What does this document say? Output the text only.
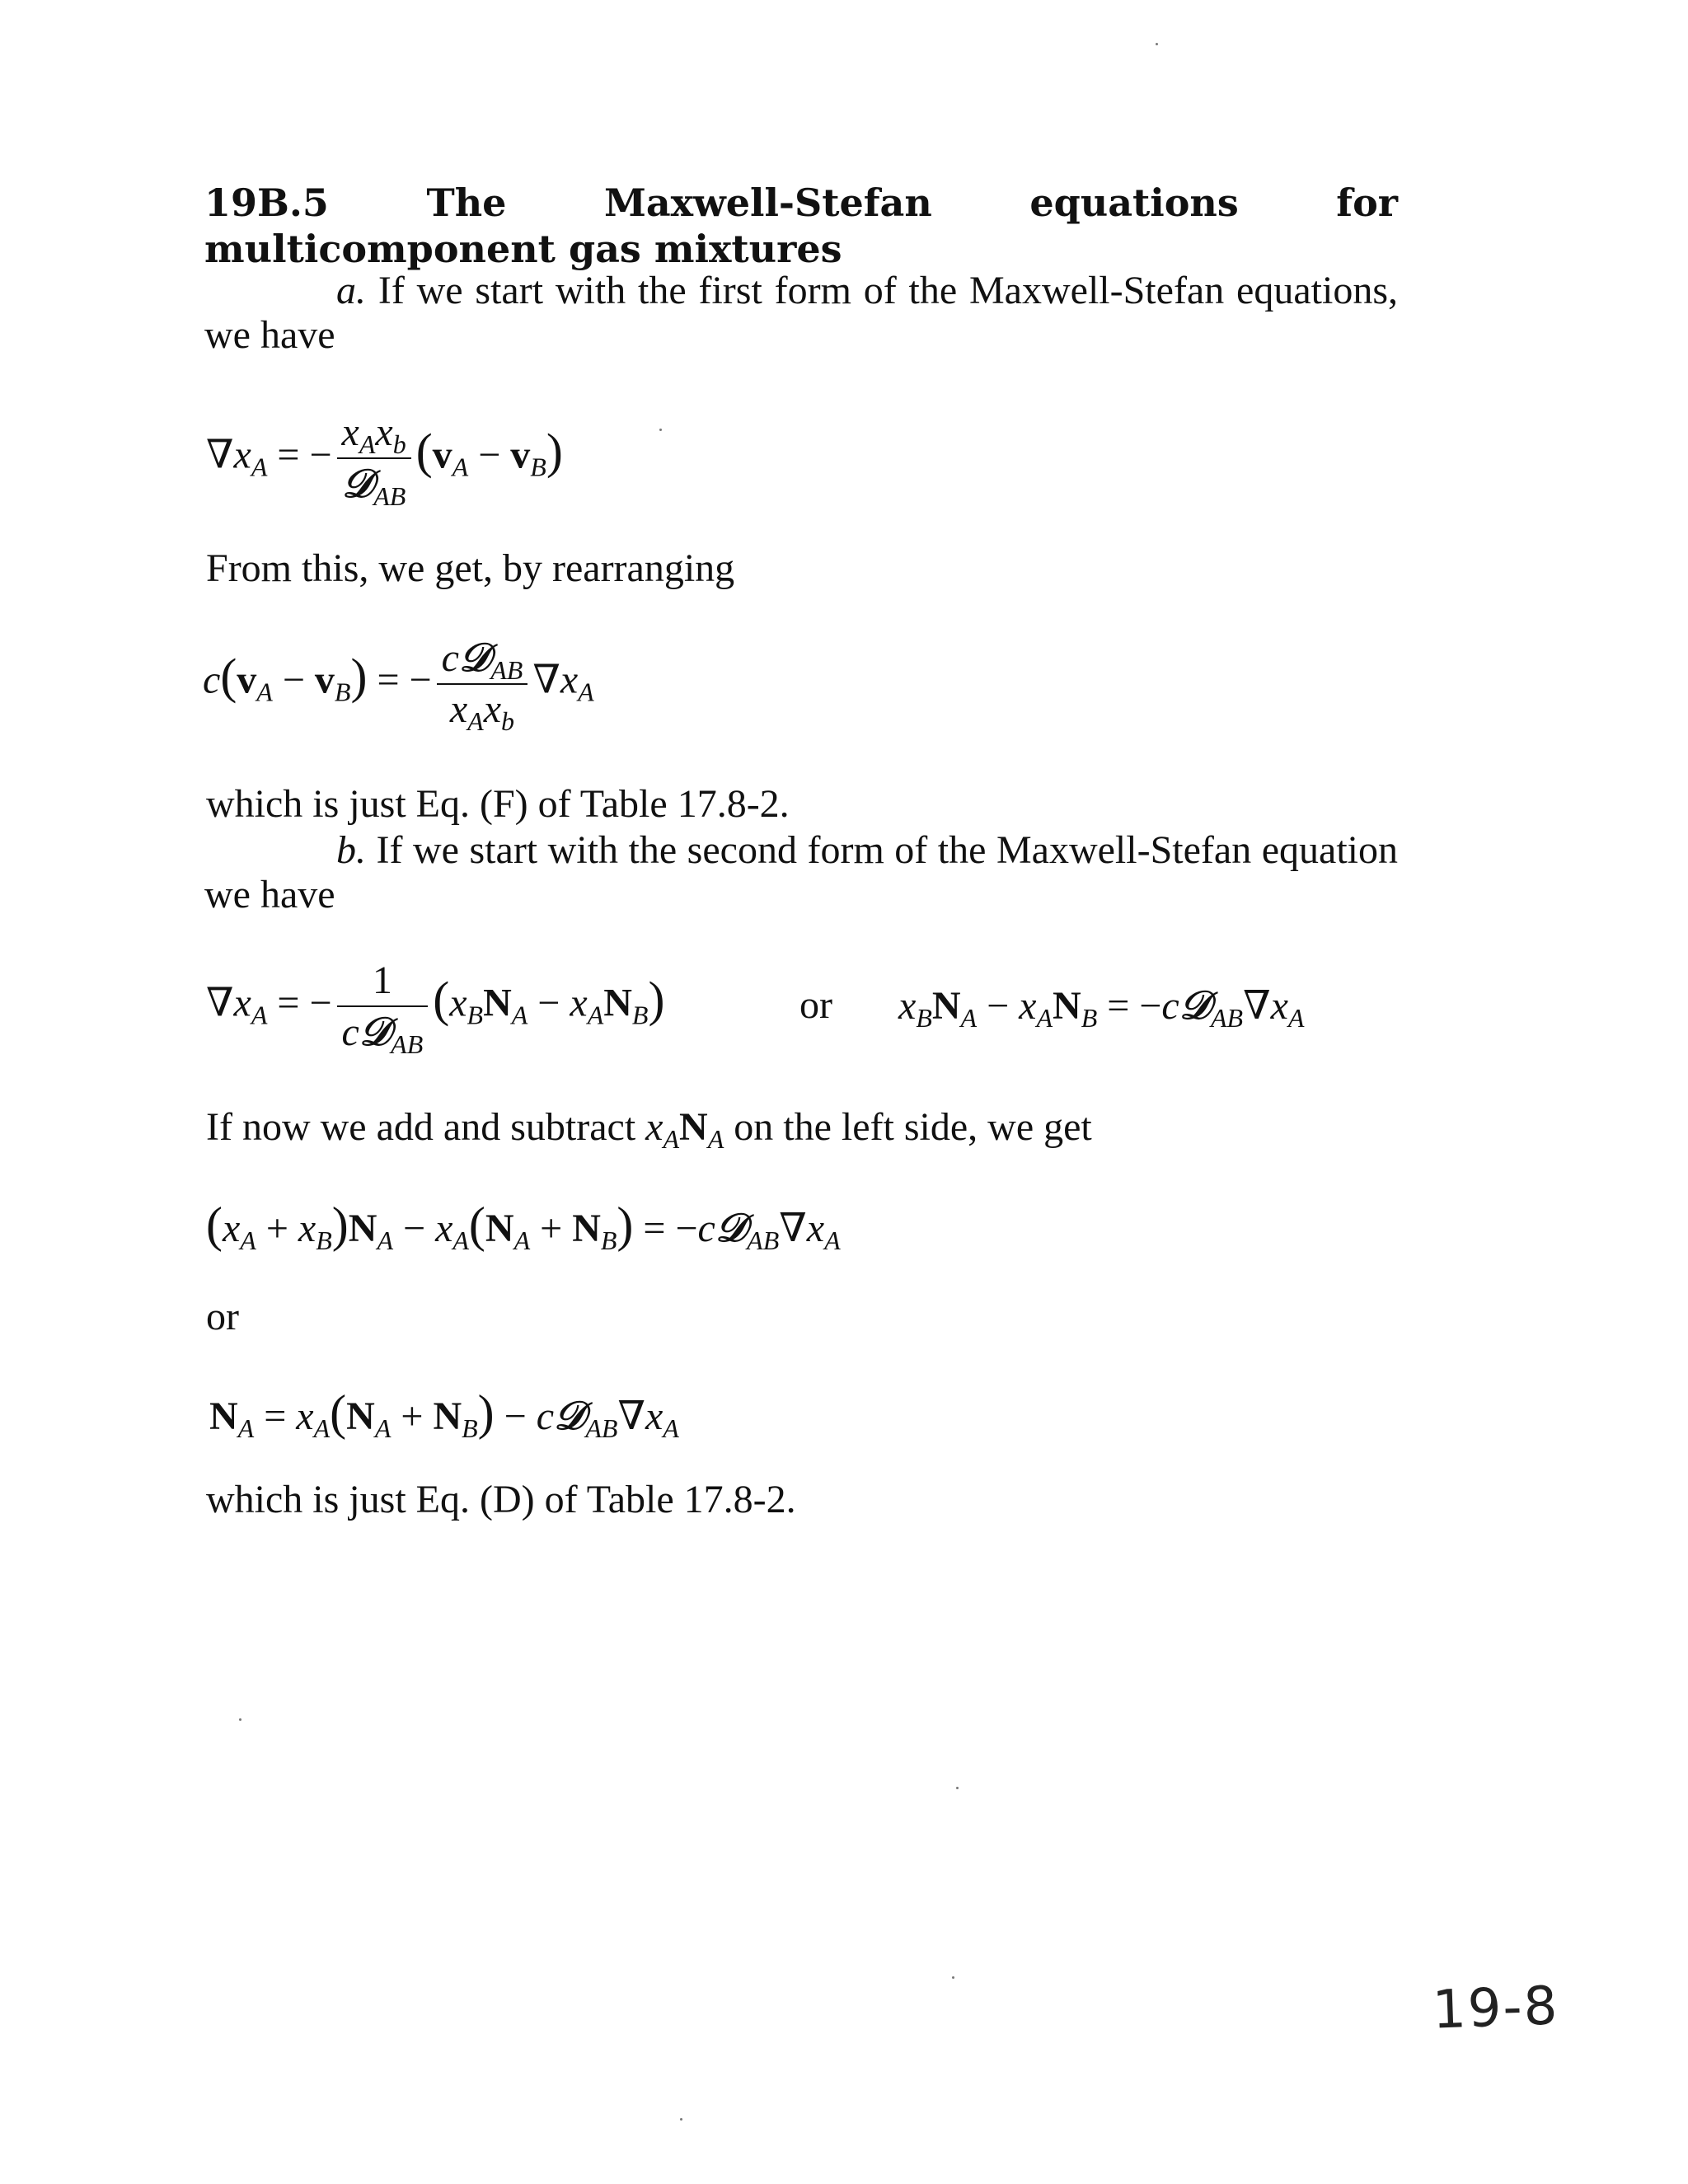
19B.5 The Maxwell-Stefan equations for multicomponent gas mixtures
a. If we start with the first form of the Maxwell-Stefan equations, we have
$\nabla x_A$ = − $\frac{x_Ax_b}{𝒟_{AB}} (v_A - v_B)$
From this, we get, by rearranging
$c(v_A - v_B)$ = − $\frac{c𝒟_{AB}}{x_Ax_b} \nabla x_A$
which is just Eq. (F) of Table 17.8-2.
b. If we start with the second form of the Maxwell-Stefan equation we have
$\nabla x_A$ = − $\frac{1}{c𝒟_{AB}} (x_BN_A - x_AN_B)$	or $x_BN_A - x_AN_B$ = $-c𝒟_{AB}\nabla x_A$
If now we add and subtract $x_AN_A$ on the left side, we get
$(x_A + x_B)N_A - x_A(N_A + N_B)$ = $-c𝒟_{AB}\nabla x_A$
or
$N_A = x_A(N_A + N_B)$ − $c𝒟_{AB}\nabla x_A$
which is just Eq. (D) of Table 17.8-2.
19-8
